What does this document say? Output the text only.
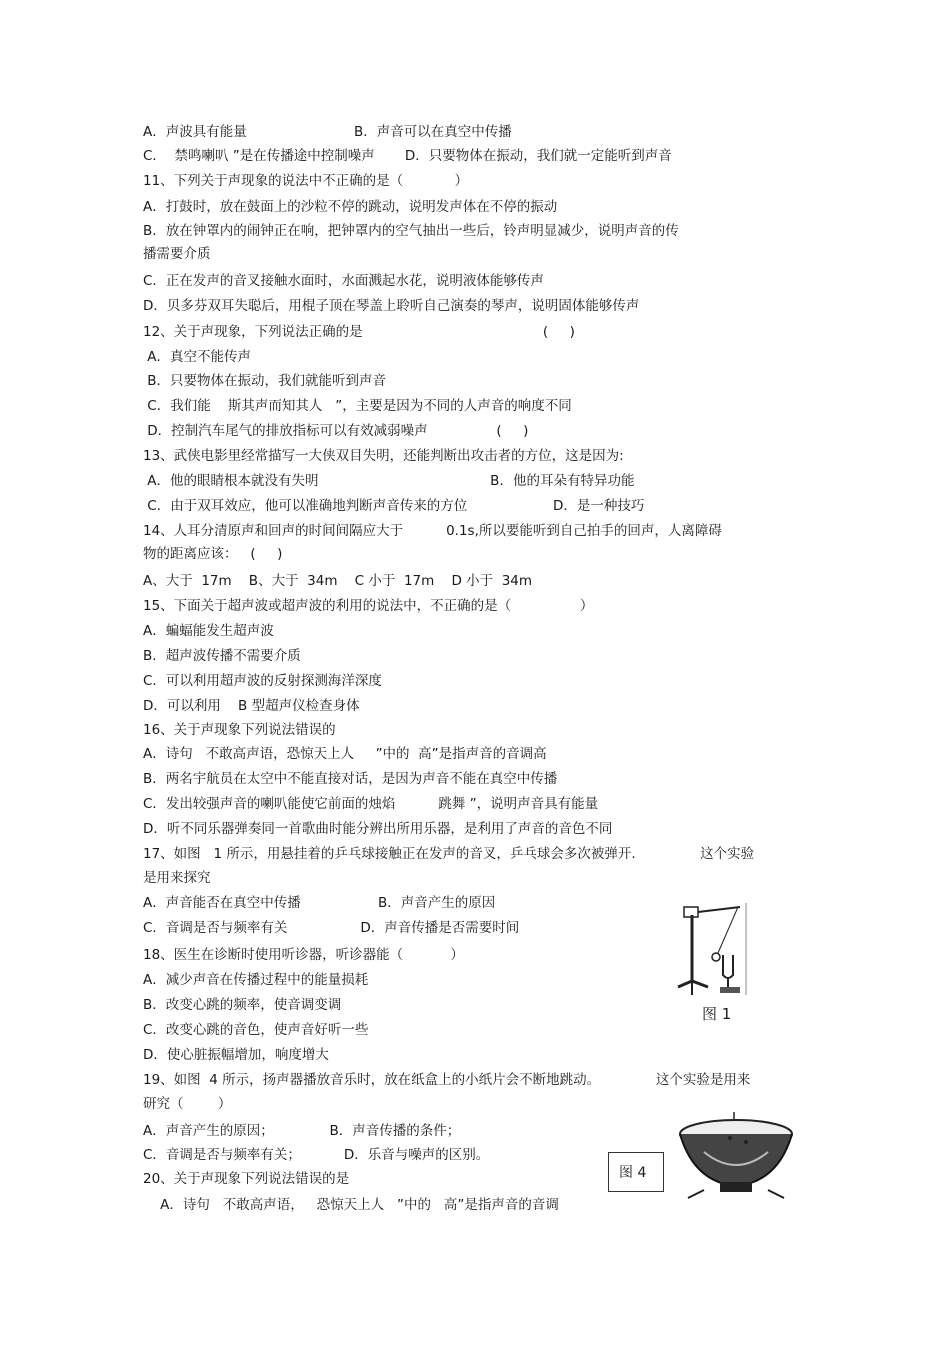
A．声波具有能量                         B．声音可以在真空中传播
C．  禁鸣喇叭 ”是在传播途中控制噪声       D．只要物体在振动，我们就一定能听到声音
11、下列关于声现象的说法中不正确的是（            ）
A．打鼓时，放在鼓面上的沙粒不停的跳动，说明发声体在不停的振动
B．放在钟罩内的闹钟正在响，把钟罩内的空气抽出一些后，铃声明显减少，说明声音的传
播需要介质
C．正在发声的音叉接触水面时，水面溅起水花，说明液体能够传声
D．贝多芬双耳失聪后，用棍子顶在琴盖上聆听自己演奏的琴声，说明固体能够传声
12、关于声现象，下列说法正确的是                                          (     )
A．真空不能传声
B．只要物体在振动，我们就能听到声音
C．我们能    斯其声而知其人   ”，主要是因为不同的人声音的响度不同
D．控制汽车尾气的排放指标可以有效减弱噪声                (     )
13、武侠电影里经常描写一大侠双目失明，还能判断出攻击者的方位，这是因为:
A．他的眼睛根本就没有失明                                        B．他的耳朵有特异功能
C．由于双耳效应，他可以准确地判断声音传来的方位                    D．是一种技巧
14、人耳分清原声和回声的时间间隔应大于          0.1s,所以要能听到自己拍手的回声，人离障碍
物的距离应该：   (     )
A、大于  17m    B、大于  34m    C 小于  17m    D 小于  34m
15、下面关于超声波或超声波的利用的说法中，不正确的是（                ）
A．蝙蝠能发生超声波
B．超声波传播不需要介质
C．可以利用超声波的反射探测海洋深度
D．可以利用    B 型超声仪检查身体
16、关于声现象下列说法错误的
A．诗句   不敢高声语，恐惊天上人     ”中的  高”是指声音的音调高
B．两名宇航员在太空中不能直接对话，是因为声音不能在真空中传播
C．发出较强声音的喇叭能使它前面的烛焰          跳舞 ”，说明声音具有能量
D．听不同乐器弹奏同一首歌曲时能分辨出所用乐器，是利用了声音的音色不同
17、如图   1 所示，用悬挂着的乒乓球接触正在发声的音叉，乒乓球会多次被弹开.               这个实验
是用来探究
A．声音能否在真空中传播                  B．声音产生的原因
C．音调是否与频率有关                 D．声音传播是否需要时间
18、医生在诊断时使用听诊器，听诊器能（           ）
A．减少声音在传播过程中的能量损耗
B．改变心跳的频率，使音调变调
C．改变心跳的音色，使声音好听一些
D．使心脏振幅增加，响度增大
19、如图  4 所示，扬声器播放音乐时，放在纸盒上的小纸片会不断地跳动。             这个实验是用来
研究（        ）
A．声音产生的原因；             B．声音传播的条件；
C．音调是否与频率有关；          D．乐音与噪声的区别。
20、关于声现象下列说法错误的是
A．诗句   不敢高声语，   恐惊天上人   ”中的   高”是指声音的音调
图 1
图 4
